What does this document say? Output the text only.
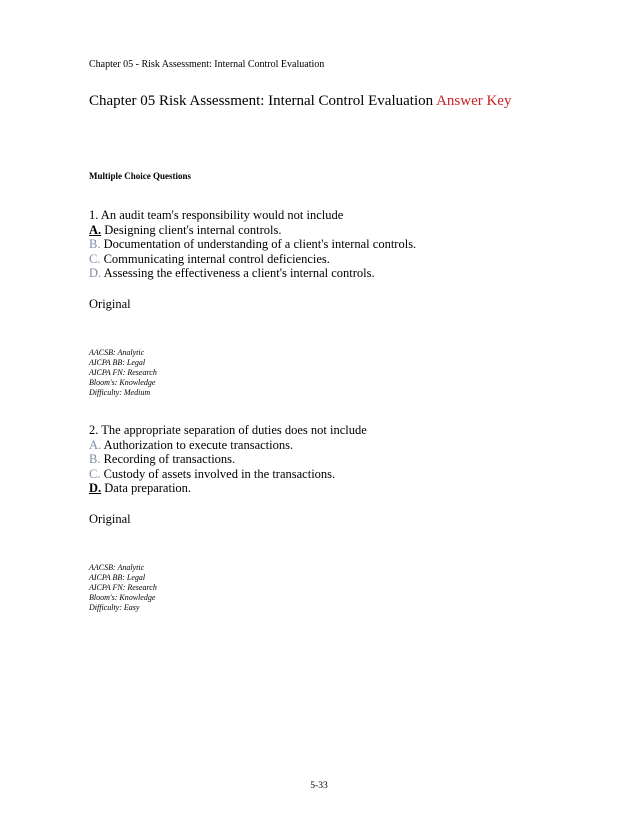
Chapter 05 - Risk Assessment: Internal Control Evaluation
Chapter 05 Risk Assessment: Internal Control Evaluation Answer Key
Multiple Choice Questions
1. An audit team's responsibility would not include
A. Designing client's internal controls.
B. Documentation of understanding of a client's internal controls.
C. Communicating internal control deficiencies.
D. Assessing the effectiveness a client's internal controls.
Original
AACSB: Analytic
AICPA BB: Legal
AICPA FN: Research
Bloom's: Knowledge
Difficulty: Medium
2. The appropriate separation of duties does not include
A. Authorization to execute transactions.
B. Recording of transactions.
C. Custody of assets involved in the transactions.
D. Data preparation.
Original
AACSB: Analytic
AICPA BB: Legal
AICPA FN: Research
Bloom's: Knowledge
Difficulty: Easy
5-33
